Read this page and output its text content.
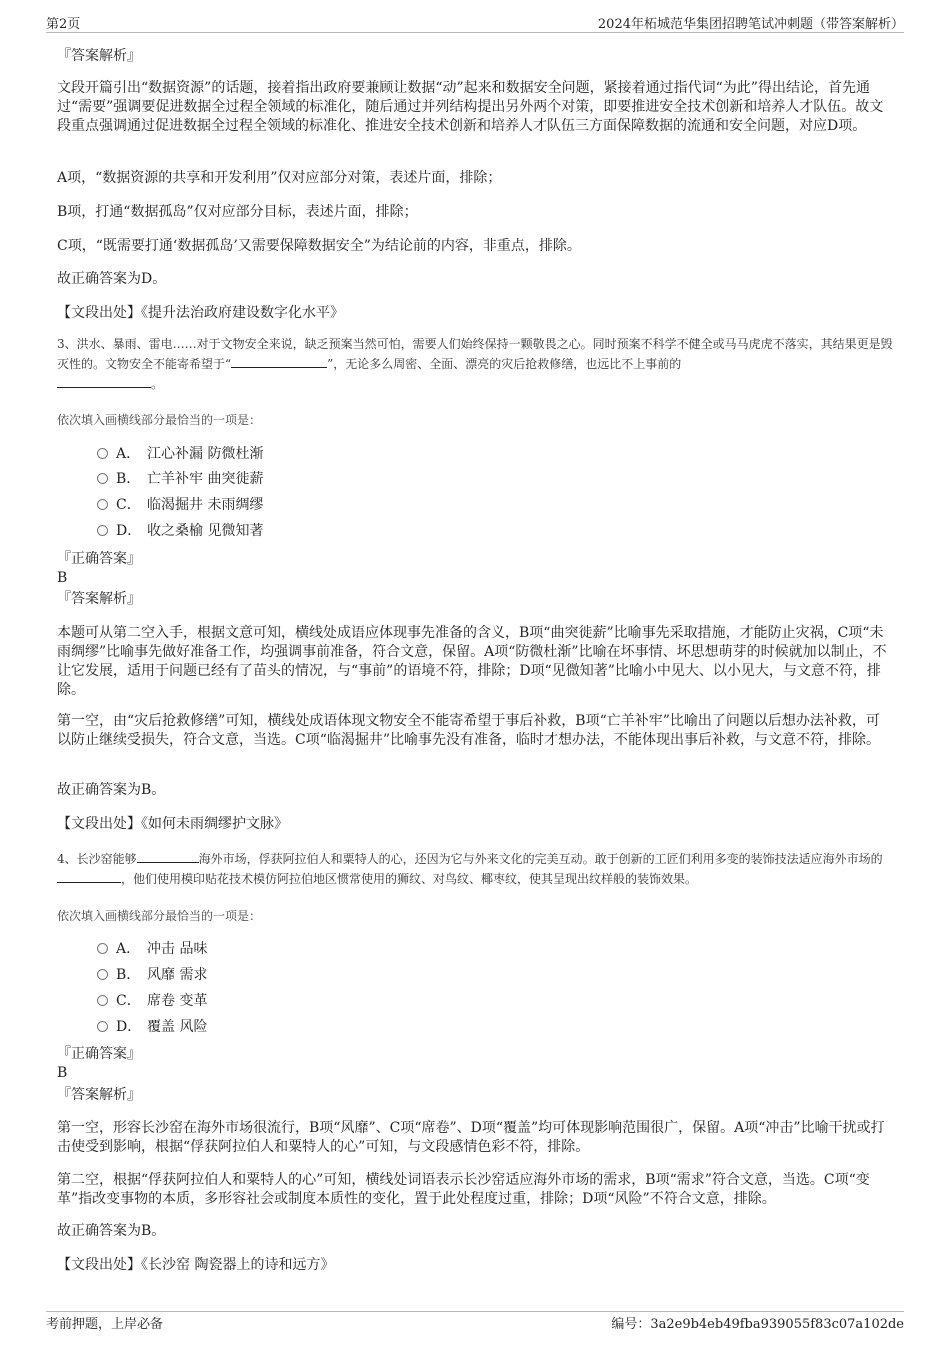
第2页	2024年柘城范华集团招聘笔试冲刺题（带答案解析）

『答案解析』

文段开篇引出“数据资源”的话题，接着指出政府要兼顾让数据“动”起来和数据安全问题，紧接着通过指代词“为此”得出结论，首先通过“需要”强调要促进数据全过程全领域的标准化，随后通过并列结构提出另外两个对策，即要推进安全技术创新和培养人才队伍。故文段重点强调通过促进数据全过程全领域的标准化、推进安全技术创新和培养人才队伍三方面保障数据的流通和安全问题，对应D项。

A项，“数据资源的共享和开发利用”仅对应部分对策，表述片面，排除；

B项，打通“数据孤岛”仅对应部分目标，表述片面，排除；

C项，“既需要打通‘数据孤岛’又需要保障数据安全”为结论前的内容，非重点，排除。

故正确答案为D。

【文段出处】《提升法治政府建设数字化水平》

3、洪水、暴雨、雷电……对于文物安全来说，缺乏预案当然可怕，需要人们始终保持一颗敬畏之心。同时预案不科学不健全或马马虎虎不落实，其结果更是毁灭性的。文物安全不能寄希望于“	”，无论多么周密、全面、漂亮的灾后抢救修缮，也远比不上事前的
。

依次填入画横线部分最恰当的一项是：
A． 江心补漏 防微杜渐
B． 亡羊补牢 曲突徙薪
C． 临渴掘井 未雨绸缪
D． 收之桑榆 见微知著

『正确答案』

B

『答案解析』

本题可从第二空入手，根据文意可知，横线处成语应体现事先准备的含义，B项“曲突徙薪”比喻事先采取措施，才能防止灾祸，C项“未雨绸缪”比喻事先做好准备工作，均强调事前准备，符合文意，保留。A项“防微杜渐”比喻在坏事情、坏思想萌芽的时候就加以制止，不让它发展，适用于问题已经有了苗头的情况，与“事前”的语境不符，排除；D项“见微知著”比喻小中见大、以小见大，与文意不符，排除。

第一空，由“灾后抢救修缮”可知，横线处成语体现文物安全不能寄希望于事后补救，B项“亡羊补牢”比喻出了问题以后想办法补救，可以防止继续受损失，符合文意，当选。C项“临渴掘井”比喻事先没有准备，临时才想办法，不能体现出事后补救，与文意不符，排除。

故正确答案为B。

【文段出处】《如何未雨绸缪护文脉》

4、长沙窑能够	海外市场，俘获阿拉伯人和粟特人的心，还因为它与外来文化的完美互动。敢于创新的工匠们利用多变的装饰技法适应海外市场的，他们使用模印贴花技术模仿阿拉伯地区惯常使用的狮纹、对鸟纹、椰枣纹，使其呈现出纹样般的装饰效果。

依次填入画横线部分最恰当的一项是：
A． 冲击 品味
B． 风靡 需求
C． 席卷 变革
D． 覆盖 风险

『正确答案』

B

『答案解析』

第一空，形容长沙窑在海外市场很流行，B项“风靡”、C项“席卷”、D项“覆盖”均可体现影响范围很广，保留。A项“冲击”比喻干扰或打击使受到影响，根据“俘获阿拉伯人和粟特人的心”可知，与文段感情色彩不符，排除。

第二空，根据“俘获阿拉伯人和粟特人的心”可知，横线处词语表示长沙窑适应海外市场的需求，B项“需求”符合文意，当选。C项“变革”指改变事物的本质，多形容社会或制度本质性的变化，置于此处程度过重，排除；D项“风险”不符合文意，排除。

故正确答案为B。

【文段出处】《长沙窑 陶瓷器上的诗和远方》

考前押题，上岸必备	编号：3a2e9b4eb49fba939055f83c07a102de
